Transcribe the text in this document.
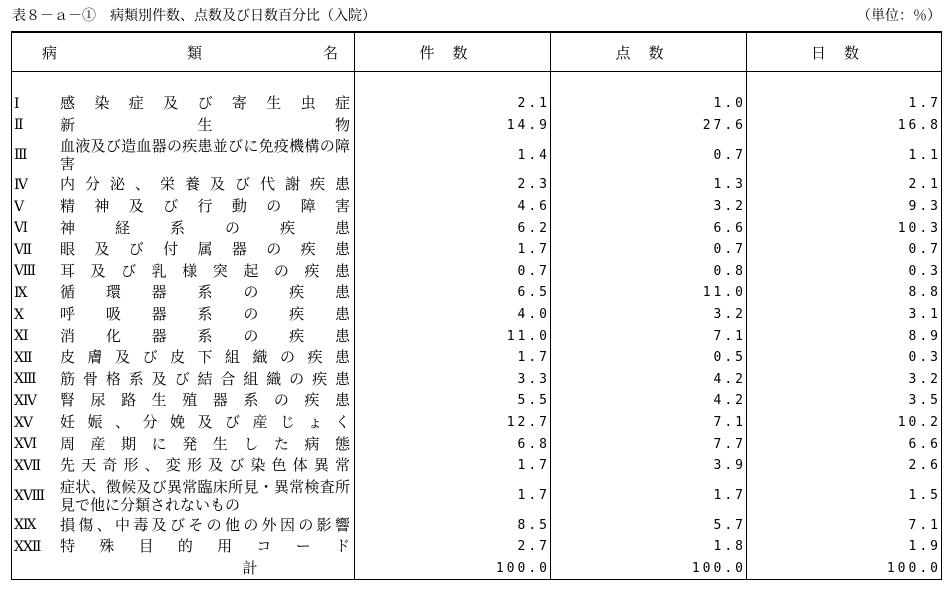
表８－ａ－①　病類別件数、点数及び日数百分比（入院）	（単位：％）
病 類 名	件数	点数	日数

Ⅰ 感染症及び寄生虫症	2.1	1.0	1.7

Ⅱ 新生物	14.9	27.6	16.8

Ⅲ 血液及び造血器の疾患並びに免疫機構の障害	1.4	0.7	1.1

Ⅳ 内分泌、栄養及び代謝疾患	2.3	1.3	2.1

Ⅴ 精神及び行動の障害	4.6	3.2	9.3

Ⅵ 神経系の疾患	6.2	6.6	10.3

Ⅶ 眼及び付属器の疾患	1.7	0.7	0.7

Ⅷ 耳及び乳様突起の疾患	0.7	0.8	0.3

Ⅸ 循環器系の疾患	6.5	11.0	8.8

Ⅹ 呼吸器系の疾患	4.0	3.2	3.1

ⅩⅠ 消化器系の疾患	11.0	7.1	8.9

ⅩⅡ 皮膚及び皮下組織の疾患	1.7	0.5	0.3

ⅩⅢ 筋骨格系及び結合組織の疾患	3.3	4.2	3.2

ⅩⅣ 腎尿路生殖器系の疾患	5.5	4.2	3.5

ⅩⅤ 妊娠、分娩及び産じょく	12.7	7.1	10.2

ⅩⅥ 周産期に発生した病態	6.8	7.7	6.6

ⅩⅦ 先天奇形、変形及び染色体異常	1.7	3.9	2.6

ⅩⅧ 症状、徴候及び異常臨床所見・異常検査所見で他に分類されないもの	1.7	1.7	1.5

ⅩⅨ 損傷、中毒及びその他の外因の影響	8.5	5.7	7.1

ⅩⅩⅡ 特殊目的用コード	2.7	1.8	1.9

計	100.0	100.0	100.0
